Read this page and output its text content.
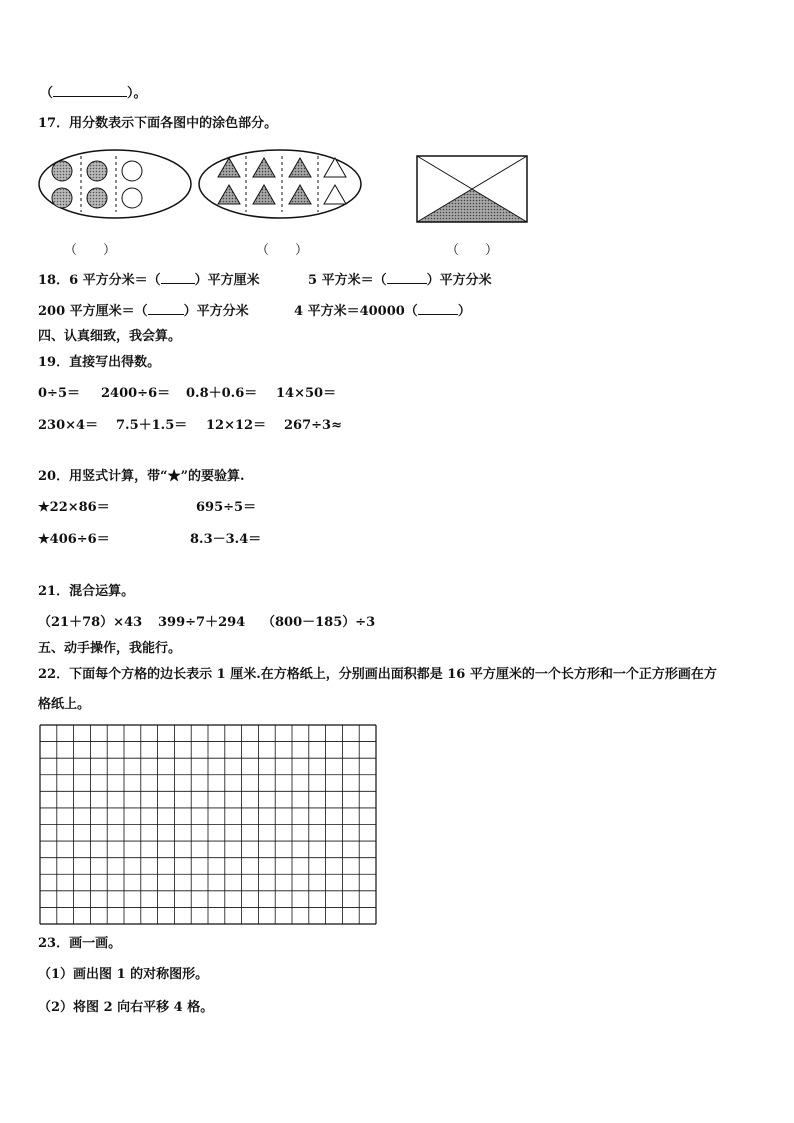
（	）。
17．用分数表示下面各图中的涂色部分。
（ ）	（ ）	（ ）
18．6 平方分米＝（	）平方厘米	5 平方米＝（	）平方分米
200 平方厘米＝（	）平方分米	4 平方米＝40000（	）
四、认真细致，我会算。
19．直接写出得数。
0÷5＝ 2400÷6＝ 0.8＋0.6＝ 14×50＝
230×4＝ 7.5＋1.5＝ 12×12＝ 267÷3≈
20．用竖式计算，带“★”的要验算.
★22×86＝	695÷5＝
★406÷6＝	8.3－3.4＝
21．混合运算。
（21＋78）×43 399÷7＋294 （800－185）÷3
五、动手操作，我能行。
22．下面每个方格的边长表示 1 厘米.在方格纸上，分别画出面积都是 16 平方厘米的一个长方形和一个正方形画在方
格纸上。
23．画一画。
（1）画出图 1 的对称图形。
（2）将图 2 向右平移 4 格。
